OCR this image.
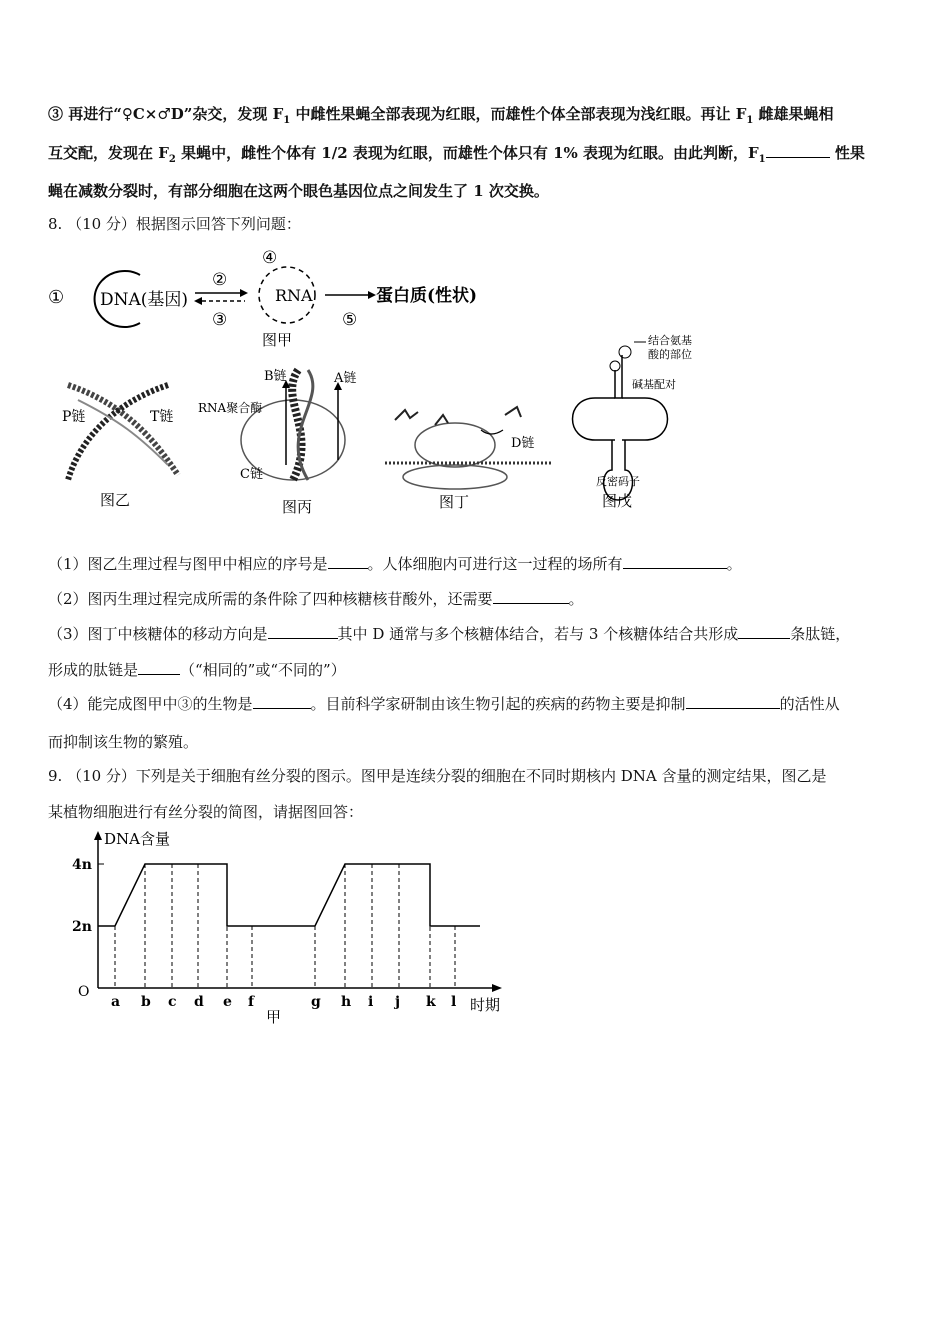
③ 再进行“♀C×♂D”杂交，发现 $F_1$ 中雌性果蝇全部表现为红眼，而雄性个体全部表现为浅红眼。再让 $F_1$ 雌雄果蝇相
互交配，发现在 $F_2$ 果蝇中，雌性个体有 1/2 表现为红眼，而雄性个体只有 1% 表现为红眼。由此判断，$F_1$	性果
蝇在减数分裂时，有部分细胞在这两个眼色基因位点之间发生了 1 次交换。
8. （10 分）根据图示回答下列问题：
① DNA(基因)
②
③
④
RNA
⑤
蛋白质(性状)
图甲
P链	T链
图乙
B链	A链
RNA聚合酶
C链
图丙
D链
图丁
结合氨基
酸的部位
碱基配对
反密码子
图戊
（1）图乙生理过程与图甲中相应的序号是	。人体细胞内可进行这一过程的场所有	。
（2）图丙生理过程完成所需的条件除了四种核糖核苷酸外，还需要	。
（3）图丁中核糖体的移动方向是	其中 D 通常与多个核糖体结合，若与 3 个核糖体结合共形成	条肽链，
形成的肽链是	（“相同的”或“不同的”）
（4）能完成图甲中③的生物是	。目前科学家研制由该生物引起的疾病的药物主要是抑制	的活性从
而抑制该生物的繁殖。
9. （10 分）下列是关于细胞有丝分裂的图示。图甲是连续分裂的细胞在不同时期核内 DNA 含量的测定结果，图乙是
某植物细胞进行有丝分裂的简图，请据图回答：
DNA含量
时期
O
甲
4n
2n
a b c d e f	g h i j k l
